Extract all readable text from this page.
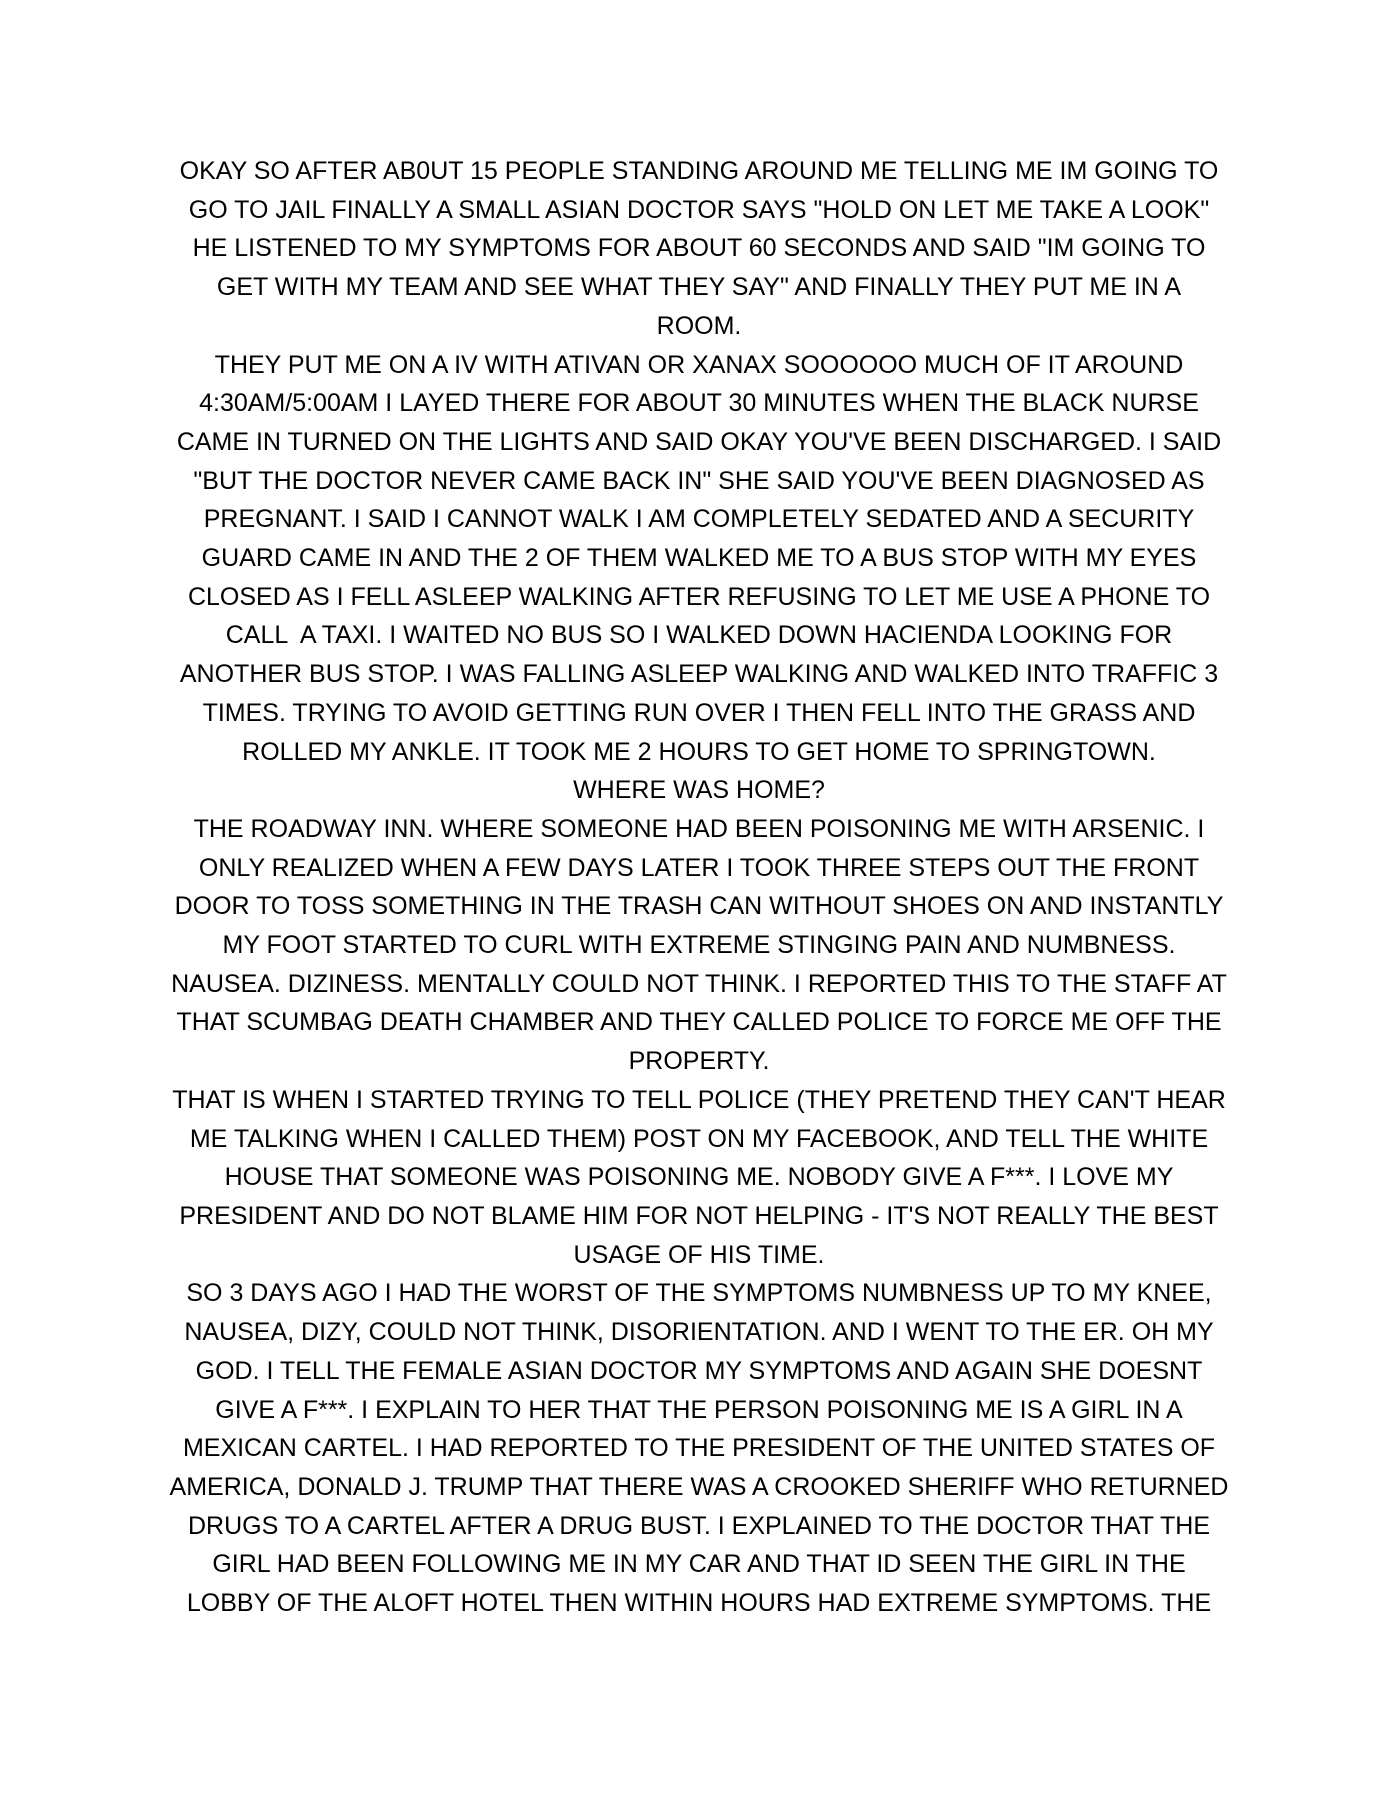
OKAY SO AFTER AB0UT 15 PEOPLE STANDING AROUND ME TELLING ME IM GOING TO
GO TO JAIL FINALLY A SMALL ASIAN DOCTOR SAYS "HOLD ON LET ME TAKE A LOOK"
HE LISTENED TO MY SYMPTOMS FOR ABOUT 60 SECONDS AND SAID "IM GOING TO
GET WITH MY TEAM AND SEE WHAT THEY SAY" AND FINALLY THEY PUT ME IN A
ROOM.
THEY PUT ME ON A IV WITH ATIVAN OR XANAX SOOOOOO MUCH OF IT AROUND
4:30AM/5:00AM I LAYED THERE FOR ABOUT 30 MINUTES WHEN THE BLACK NURSE
CAME IN TURNED ON THE LIGHTS AND SAID OKAY YOU'VE BEEN DISCHARGED. I SAID
"BUT THE DOCTOR NEVER CAME BACK IN" SHE SAID YOU'VE BEEN DIAGNOSED AS
PREGNANT. I SAID I CANNOT WALK I AM COMPLETELY SEDATED AND A SECURITY
GUARD CAME IN AND THE 2 OF THEM WALKED ME TO A BUS STOP WITH MY EYES
CLOSED AS I FELL ASLEEP WALKING AFTER REFUSING TO LET ME USE A PHONE TO
CALL  A TAXI. I WAITED NO BUS SO I WALKED DOWN HACIENDA LOOKING FOR
ANOTHER BUS STOP. I WAS FALLING ASLEEP WALKING AND WALKED INTO TRAFFIC 3
TIMES. TRYING TO AVOID GETTING RUN OVER I THEN FELL INTO THE GRASS AND
ROLLED MY ANKLE. IT TOOK ME 2 HOURS TO GET HOME TO SPRINGTOWN.
WHERE WAS HOME?
THE ROADWAY INN. WHERE SOMEONE HAD BEEN POISONING ME WITH ARSENIC. I
ONLY REALIZED WHEN A FEW DAYS LATER I TOOK THREE STEPS OUT THE FRONT
DOOR TO TOSS SOMETHING IN THE TRASH CAN WITHOUT SHOES ON AND INSTANTLY
MY FOOT STARTED TO CURL WITH EXTREME STINGING PAIN AND NUMBNESS.
NAUSEA. DIZINESS. MENTALLY COULD NOT THINK. I REPORTED THIS TO THE STAFF AT
THAT SCUMBAG DEATH CHAMBER AND THEY CALLED POLICE TO FORCE ME OFF THE
PROPERTY.
THAT IS WHEN I STARTED TRYING TO TELL POLICE (THEY PRETEND THEY CAN'T HEAR
ME TALKING WHEN I CALLED THEM) POST ON MY FACEBOOK, AND TELL THE WHITE
HOUSE THAT SOMEONE WAS POISONING ME. NOBODY GIVE A F***. I LOVE MY
PRESIDENT AND DO NOT BLAME HIM FOR NOT HELPING - IT'S NOT REALLY THE BEST
USAGE OF HIS TIME.
SO 3 DAYS AGO I HAD THE WORST OF THE SYMPTOMS NUMBNESS UP TO MY KNEE,
NAUSEA, DIZY, COULD NOT THINK, DISORIENTATION. AND I WENT TO THE ER. OH MY
GOD. I TELL THE FEMALE ASIAN DOCTOR MY SYMPTOMS AND AGAIN SHE DOESNT
GIVE A F***. I EXPLAIN TO HER THAT THE PERSON POISONING ME IS A GIRL IN A
MEXICAN CARTEL. I HAD REPORTED TO THE PRESIDENT OF THE UNITED STATES OF
AMERICA, DONALD J. TRUMP THAT THERE WAS A CROOKED SHERIFF WHO RETURNED
DRUGS TO A CARTEL AFTER A DRUG BUST. I EXPLAINED TO THE DOCTOR THAT THE
GIRL HAD BEEN FOLLOWING ME IN MY CAR AND THAT ID SEEN THE GIRL IN THE
LOBBY OF THE ALOFT HOTEL THEN WITHIN HOURS HAD EXTREME SYMPTOMS. THE
